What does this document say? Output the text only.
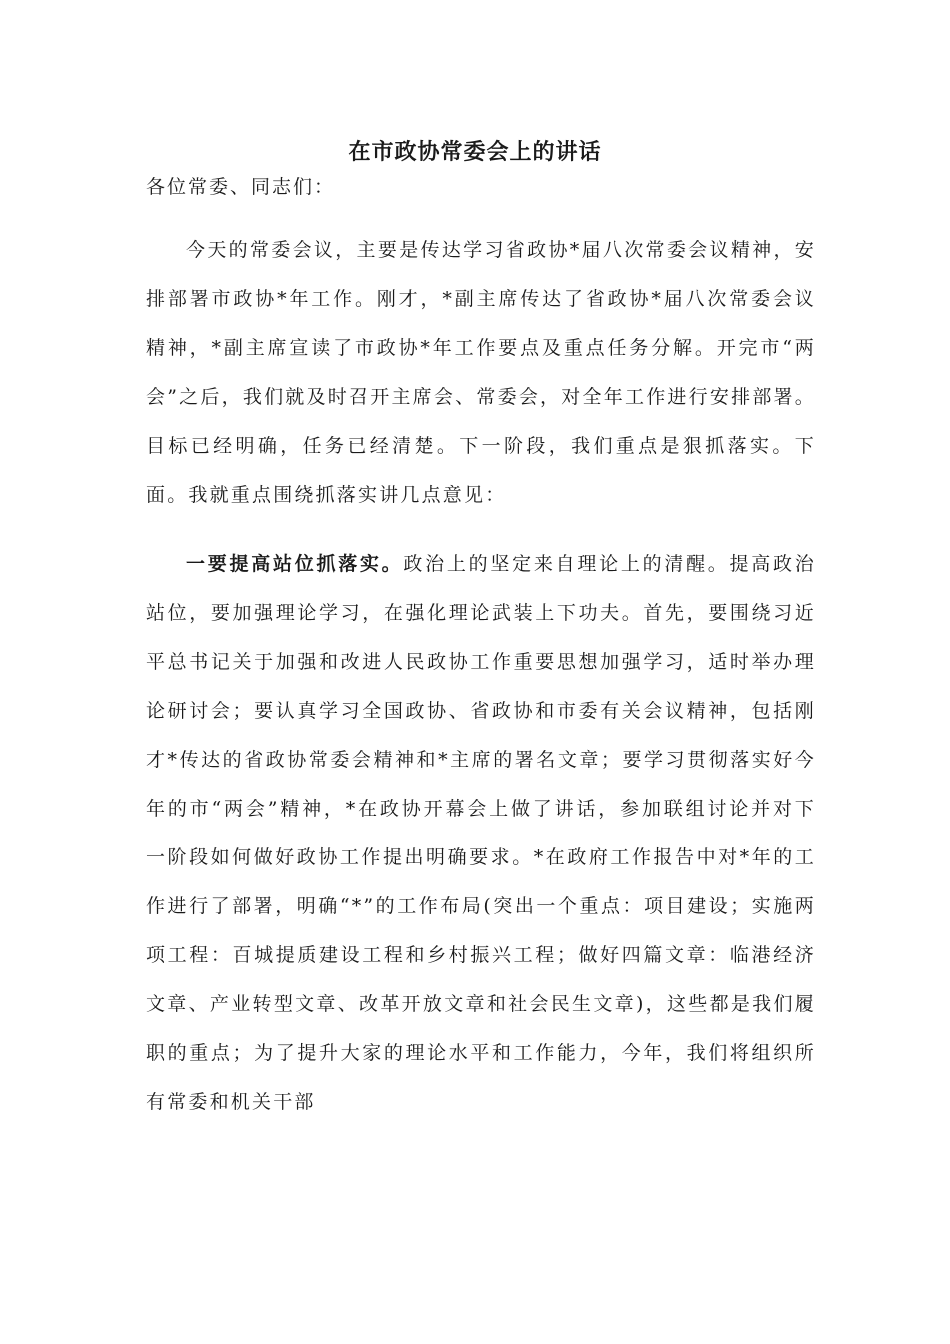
在市政协常委会上的讲话

各位常委、同志们：

今天的常委会议，主要是传达学习省政协*届八次常委会议精神，安排部署市政协*年工作。刚才，*副主席传达了省政协*届八次常委会议精神，*副主席宣读了市政协*年工作要点及重点任务分解。开完市“两会”之后，我们就及时召开主席会、常委会，对全年工作进行安排部署。目标已经明确，任务已经清楚。下一阶段，我们重点是狠抓落实。下面。我就重点围绕抓落实讲几点意见：

一要提高站位抓落实。政治上的坚定来自理论上的清醒。提高政治站位，要加强理论学习，在强化理论武装上下功夫。首先，要围绕习近平总书记关于加强和改进人民政协工作重要思想加强学习，适时举办理论研讨会；要认真学习全国政协、省政协和市委有关会议精神，包括刚才*传达的省政协常委会精神和*主席的署名文章；要学习贯彻落实好今年的市“两会”精神，*在政协开幕会上做了讲话，参加联组讨论并对下一阶段如何做好政协工作提出明确要求。*在政府工作报告中对*年的工作进行了部署，明确“*”的工作布局(突出一个重点：项目建设；实施两项工程：百城提质建设工程和乡村振兴工程；做好四篇文章：临港经济文章、产业转型文章、改革开放文章和社会民生文章)，这些都是我们履职的重点；为了提升大家的理论水平和工作能力，今年，我们将组织所有常委和机关干部
